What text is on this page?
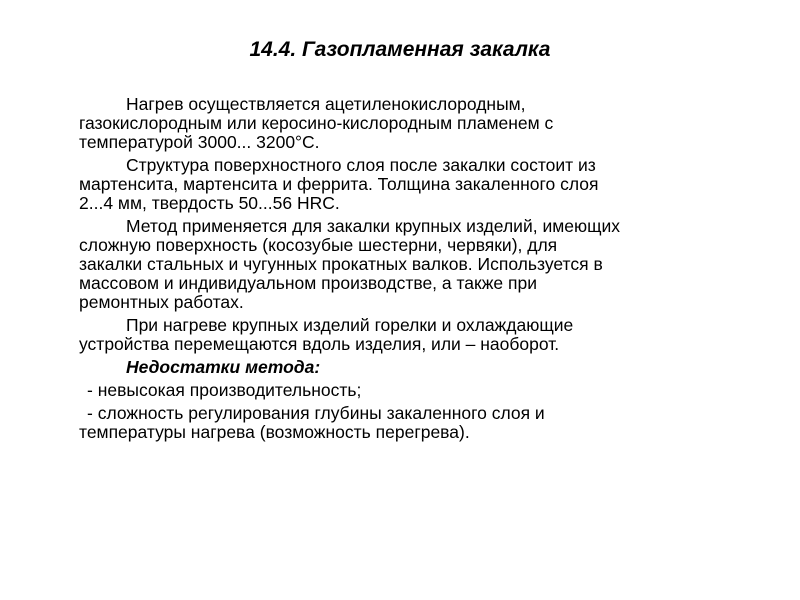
14.4. Газопламенная закалка
Нагрев осуществляется ацетиленокислородным,
газокислородным или керосино-кислородным пламенем с
температурой 3000... 3200°С.
Структура поверхностного слоя после закалки состоит из
мартенсита, мартенсита и феррита. Толщина закаленного слоя
2...4 мм, твердость 50...56 HRC.
Метод применяется для закалки крупных изделий, имеющих
сложную поверхность (косозубые шестерни, червяки), для
закалки стальных и чугунных прокатных валков. Используется в
массовом и индивидуальном производстве, а также при
ремонтных работах.
При нагреве крупных изделий горелки и охлаждающие
устройства перемещаются вдоль изделия, или – наоборот.
Недостатки метода:
- невысокая производительность;
- сложность регулирования глубины закаленного слоя и
температуры нагрева (возможность перегрева).
